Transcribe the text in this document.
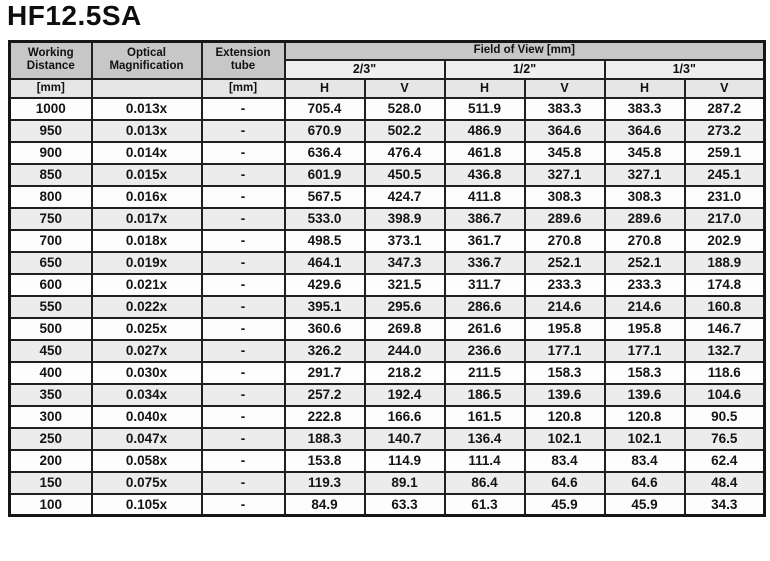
HF12.5SA
Working Distance	Optical Magnification	Extension tube	Field of View [mm]					
			2/3"		1/2"		1/3"	
[mm]		[mm]	H	V	H	V	H	V
1000	0.013x	-	705.4	528.0	511.9	383.3	383.3	287.2
950	0.013x	-	670.9	502.2	486.9	364.6	364.6	273.2
900	0.014x	-	636.4	476.4	461.8	345.8	345.8	259.1
850	0.015x	-	601.9	450.5	436.8	327.1	327.1	245.1
800	0.016x	-	567.5	424.7	411.8	308.3	308.3	231.0
750	0.017x	-	533.0	398.9	386.7	289.6	289.6	217.0
700	0.018x	-	498.5	373.1	361.7	270.8	270.8	202.9
650	0.019x	-	464.1	347.3	336.7	252.1	252.1	188.9
600	0.021x	-	429.6	321.5	311.7	233.3	233.3	174.8
550	0.022x	-	395.1	295.6	286.6	214.6	214.6	160.8
500	0.025x	-	360.6	269.8	261.6	195.8	195.8	146.7
450	0.027x	-	326.2	244.0	236.6	177.1	177.1	132.7
400	0.030x	-	291.7	218.2	211.5	158.3	158.3	118.6
350	0.034x	-	257.2	192.4	186.5	139.6	139.6	104.6
300	0.040x	-	222.8	166.6	161.5	120.8	120.8	90.5
250	0.047x	-	188.3	140.7	136.4	102.1	102.1	76.5
200	0.058x	-	153.8	114.9	111.4	83.4	83.4	62.4
150	0.075x	-	119.3	89.1	86.4	64.6	64.6	48.4
100	0.105x	-	84.9	63.3	61.3	45.9	45.9	34.3
